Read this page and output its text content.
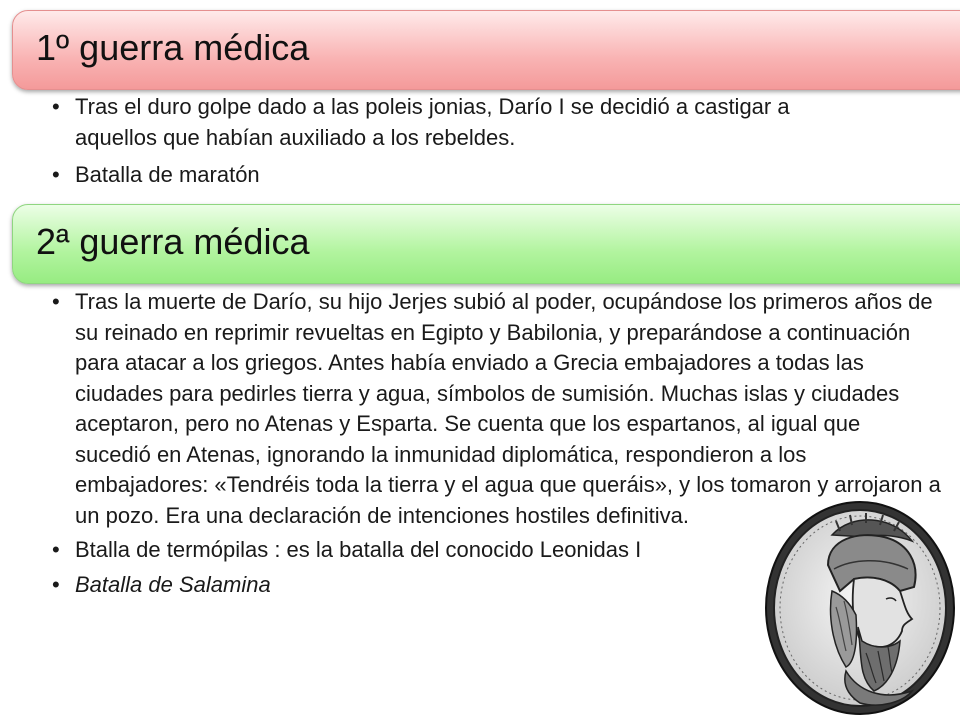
1º guerra médica
• Tras el duro golpe dado a las poleis jonias, Darío I se decidió a castigar a aquellos que habían auxiliado a los rebeldes.
• Batalla de maratón
2ª guerra médica
• Tras la muerte de Darío, su hijo Jerjes subió al poder, ocupándose los primeros años de su reinado en reprimir revueltas en Egipto y Babilonia, y preparándose a continuación para atacar a los griegos. Antes había enviado a Grecia embajadores a todas las ciudades para pedirles tierra y agua, símbolos de sumisión. Muchas islas y ciudades aceptaron, pero no Atenas y Esparta. Se cuenta que los espartanos, al igual que sucedió en Atenas, ignorando la inmunidad diplomática, respondieron a los embajadores: «Tendréis toda la tierra y el agua que queráis», y los tomaron y arrojaron a un pozo. Era una declaración de intenciones hostiles definitiva.
• Btalla de termópilas : es la batalla del conocido Leonidas I
• Batalla de Salamina
